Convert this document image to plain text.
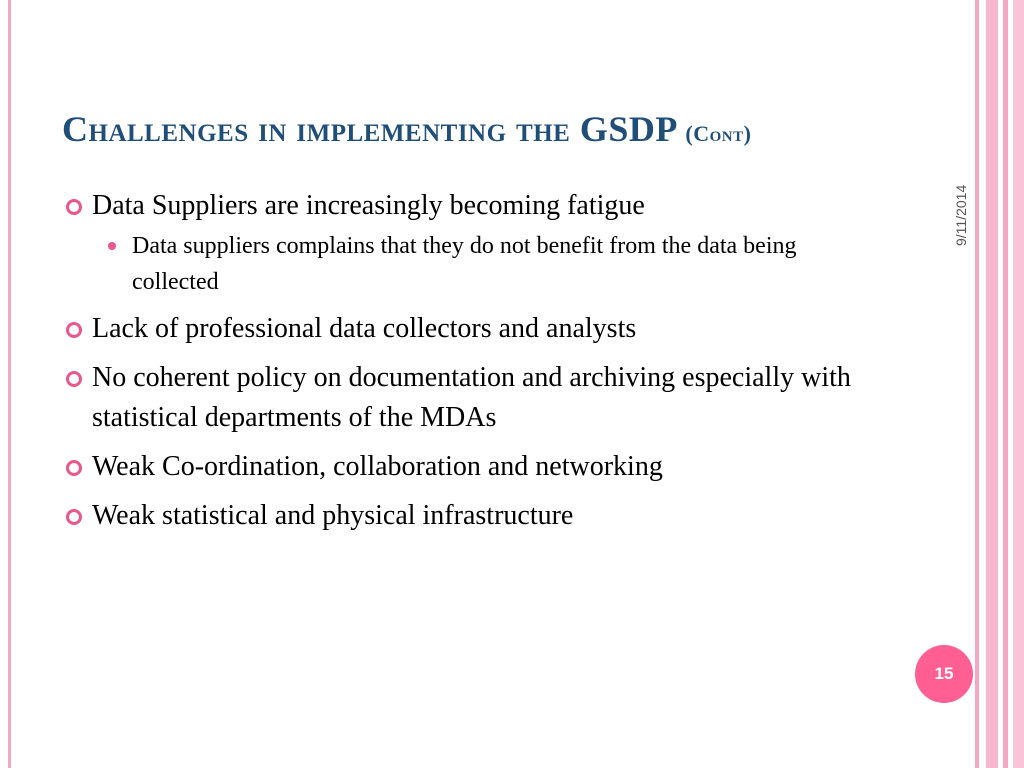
Challenges in implementing the GSDP (Cont)
9/11/2014
Data Suppliers are increasingly becoming fatigue
Data suppliers complains that they do not benefit from the data being collected
Lack of professional data collectors and analysts
No coherent policy on documentation and archiving especially with statistical departments of the MDAs
Weak Co-ordination, collaboration and networking
Weak statistical and physical infrastructure
15
